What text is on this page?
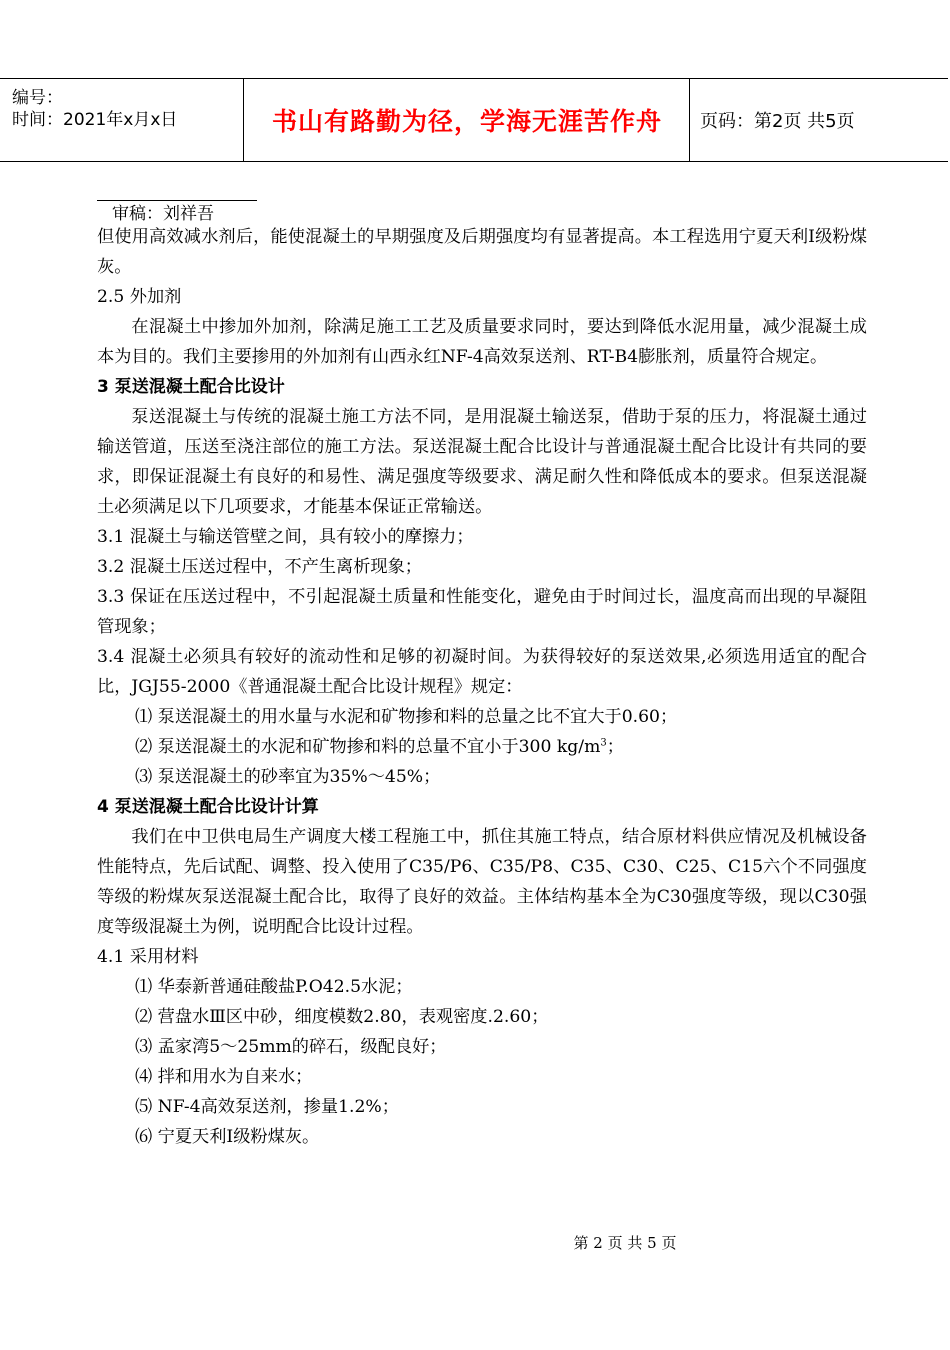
编号：
时间：2021年x月x日	书山有路勤为径，学海无涯苦作舟	页码：第2页 共5页
审稿：刘祥吾

但使用高效减水剂后，能使混凝土的早期强度及后期强度均有显著提高。本工程选用宁夏天利Ⅰ级粉煤灰。

2.5 外加剂

在混凝土中掺加外加剂，除满足施工工艺及质量要求同时，要达到降低水泥用量，减少混凝土成本为目的。我们主要掺用的外加剂有山西永红NF-4高效泵送剂、RT-B4膨胀剂，质量符合规定。

3 泵送混凝土配合比设计

泵送混凝土与传统的混凝土施工方法不同，是用混凝土输送泵，借助于泵的压力，将混凝土通过输送管道，压送至浇注部位的施工方法。泵送混凝土配合比设计与普通混凝土配合比设计有共同的要求，即保证混凝土有良好的和易性、满足强度等级要求、满足耐久性和降低成本的要求。但泵送混凝土必须满足以下几项要求，才能基本保证正常输送。

3.1 混凝土与输送管壁之间，具有较小的摩擦力；

3.2 混凝土压送过程中，不产生离析现象；

3.3 保证在压送过程中，不引起混凝土质量和性能变化，避免由于时间过长，温度高而出现的早凝阻管现象；

3.4 混凝土必须具有较好的流动性和足够的初凝时间。为获得较好的泵送效果,必须选用适宜的配合比，JGJ55-2000《普通混凝土配合比设计规程》规定：

⑴ 泵送混凝土的用水量与水泥和矿物掺和料的总量之比不宜大于0.60；

⑵ 泵送混凝土的水泥和矿物掺和料的总量不宜小于300 $kg/m^3$；

⑶ 泵送混凝土的砂率宜为35%～45%；

4 泵送混凝土配合比设计计算

我们在中卫供电局生产调度大楼工程施工中，抓住其施工特点，结合原材料供应情况及机械设备性能特点，先后试配、调整、投入使用了C35/P6、C35/P8、C35、C30、C25、C15六个不同强度等级的粉煤灰泵送混凝土配合比，取得了良好的效益。主体结构基本全为C30强度等级，现以C30强度等级混凝土为例，说明配合比设计过程。

4.1 采用材料

⑴ 华泰新普通硅酸盐P.O42.5水泥；

⑵ 营盘水Ⅲ区中砂，细度模数2.80，表观密度.2.60；

⑶ 孟家湾5～25mm的碎石，级配良好；

⑷ 拌和用水为自来水；

⑸ NF-4高效泵送剂，掺量1.2%；

⑹ 宁夏天利Ⅰ级粉煤灰。

第 2 页 共 5 页
